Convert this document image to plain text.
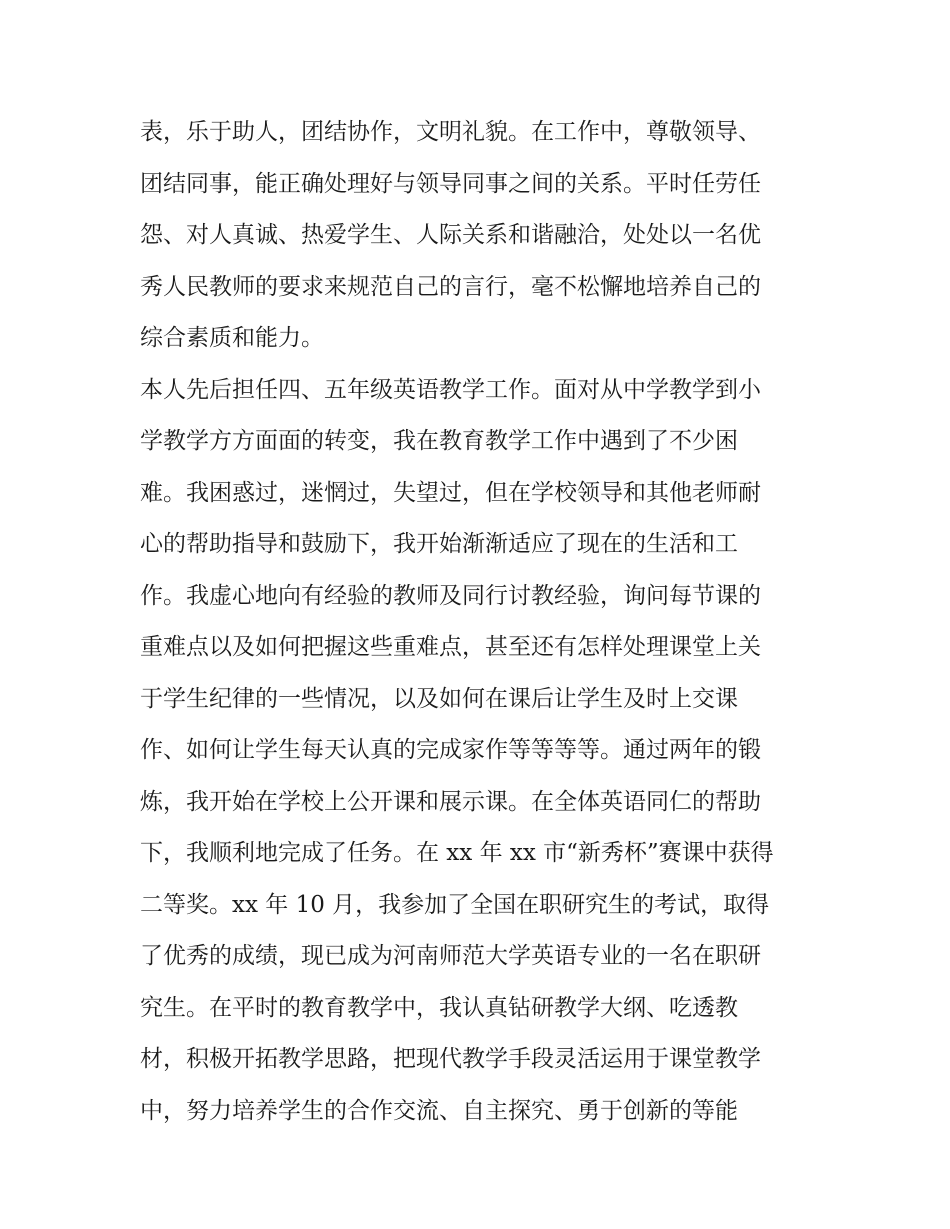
表，乐于助人，团结协作，文明礼貌。在工作中，尊敬领导、
团结同事，能正确处理好与领导同事之间的关系。平时任劳任
怨、对人真诚、热爱学生、人际关系和谐融洽，处处以一名优
秀人民教师的要求来规范自己的言行，毫不松懈地培养自己的
综合素质和能力。
本人先后担任四、五年级英语教学工作。面对从中学教学到小
学教学方方面面的转变，我在教育教学工作中遇到了不少困
难。我困惑过，迷惘过，失望过，但在学校领导和其他老师耐
心的帮助指导和鼓励下，我开始渐渐适应了现在的生活和工
作。我虚心地向有经验的教师及同行讨教经验，询问每节课的
重难点以及如何把握这些重难点，甚至还有怎样处理课堂上关
于学生纪律的一些情况，以及如何在课后让学生及时上交课
作、如何让学生每天认真的完成家作等等等等。通过两年的锻
炼，我开始在学校上公开课和展示课。在全体英语同仁的帮助
下，我顺利地完成了任务。在 xx 年 xx 市“新秀杯”赛课中获得
二等奖。xx 年 10 月，我参加了全国在职研究生的考试，取得
了优秀的成绩，现已成为河南师范大学英语专业的一名在职研
究生。在平时的教育教学中，我认真钻研教学大纲、吃透教
材，积极开拓教学思路，把现代教学手段灵活运用于课堂教学
中，努力培养学生的合作交流、自主探究、勇于创新的等能
